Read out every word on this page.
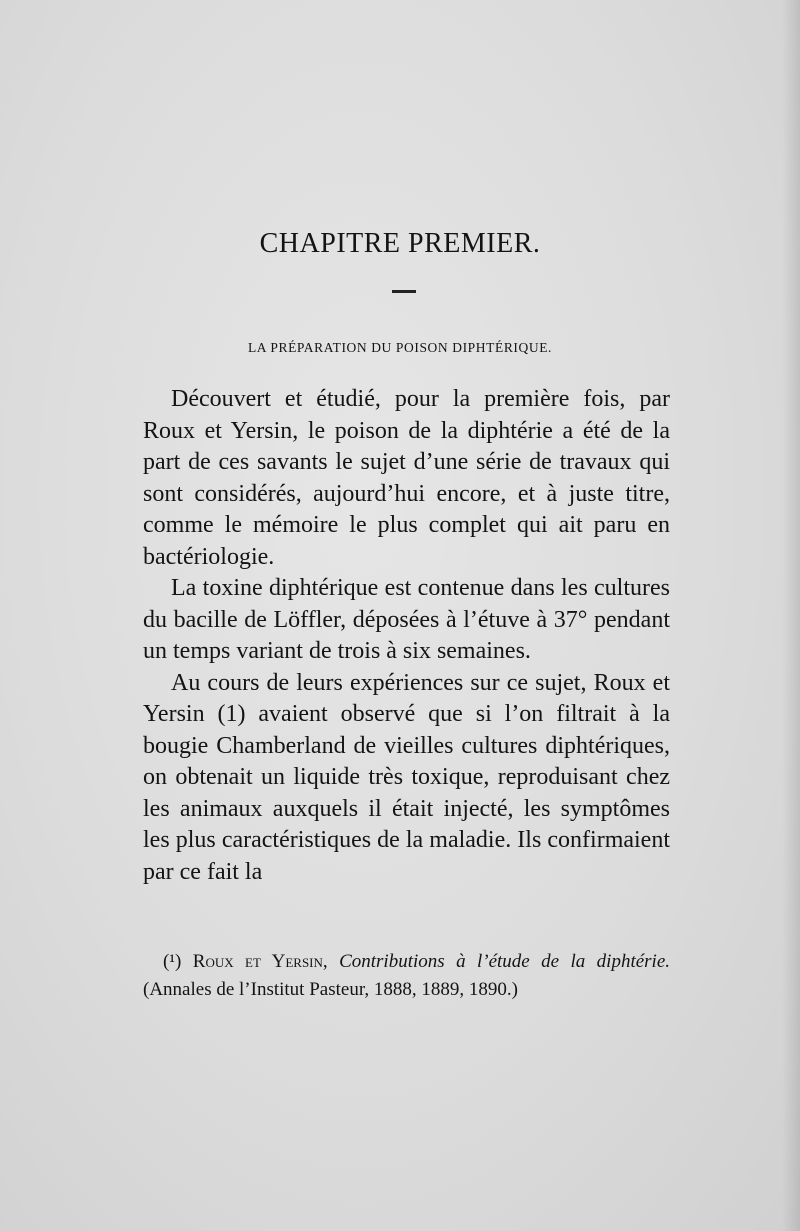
CHAPITRE PREMIER.
LA PRÉPARATION DU POISON DIPHTÉRIQUE.

Découvert et étudié, pour la première fois, par Roux et Yersin, le poison de la diphtérie a été de la part de ces savants le sujet d’une série de travaux qui sont considérés, aujourd’hui encore, et à juste titre, comme le mémoire le plus complet qui ait paru en bactériologie.

La toxine diphtérique est contenue dans les cultures du bacille de Löffler, déposées à l’étuve à 37° pendant un temps variant de trois à six semaines.

Au cours de leurs expériences sur ce sujet, Roux et Yersin (1) avaient observé que si l’on filtrait à la bougie Chamberland de vieilles cultures diphtériques, on obtenait un liquide très toxique, reproduisant chez les animaux auxquels il était injecté, les symptômes les plus caractéristiques de la maladie. Ils confirmaient par ce fait la

(¹) Roux et Yersin, Contributions à l’étude de la diphtérie. (Annales de l’Institut Pasteur, 1888, 1889, 1890.)
